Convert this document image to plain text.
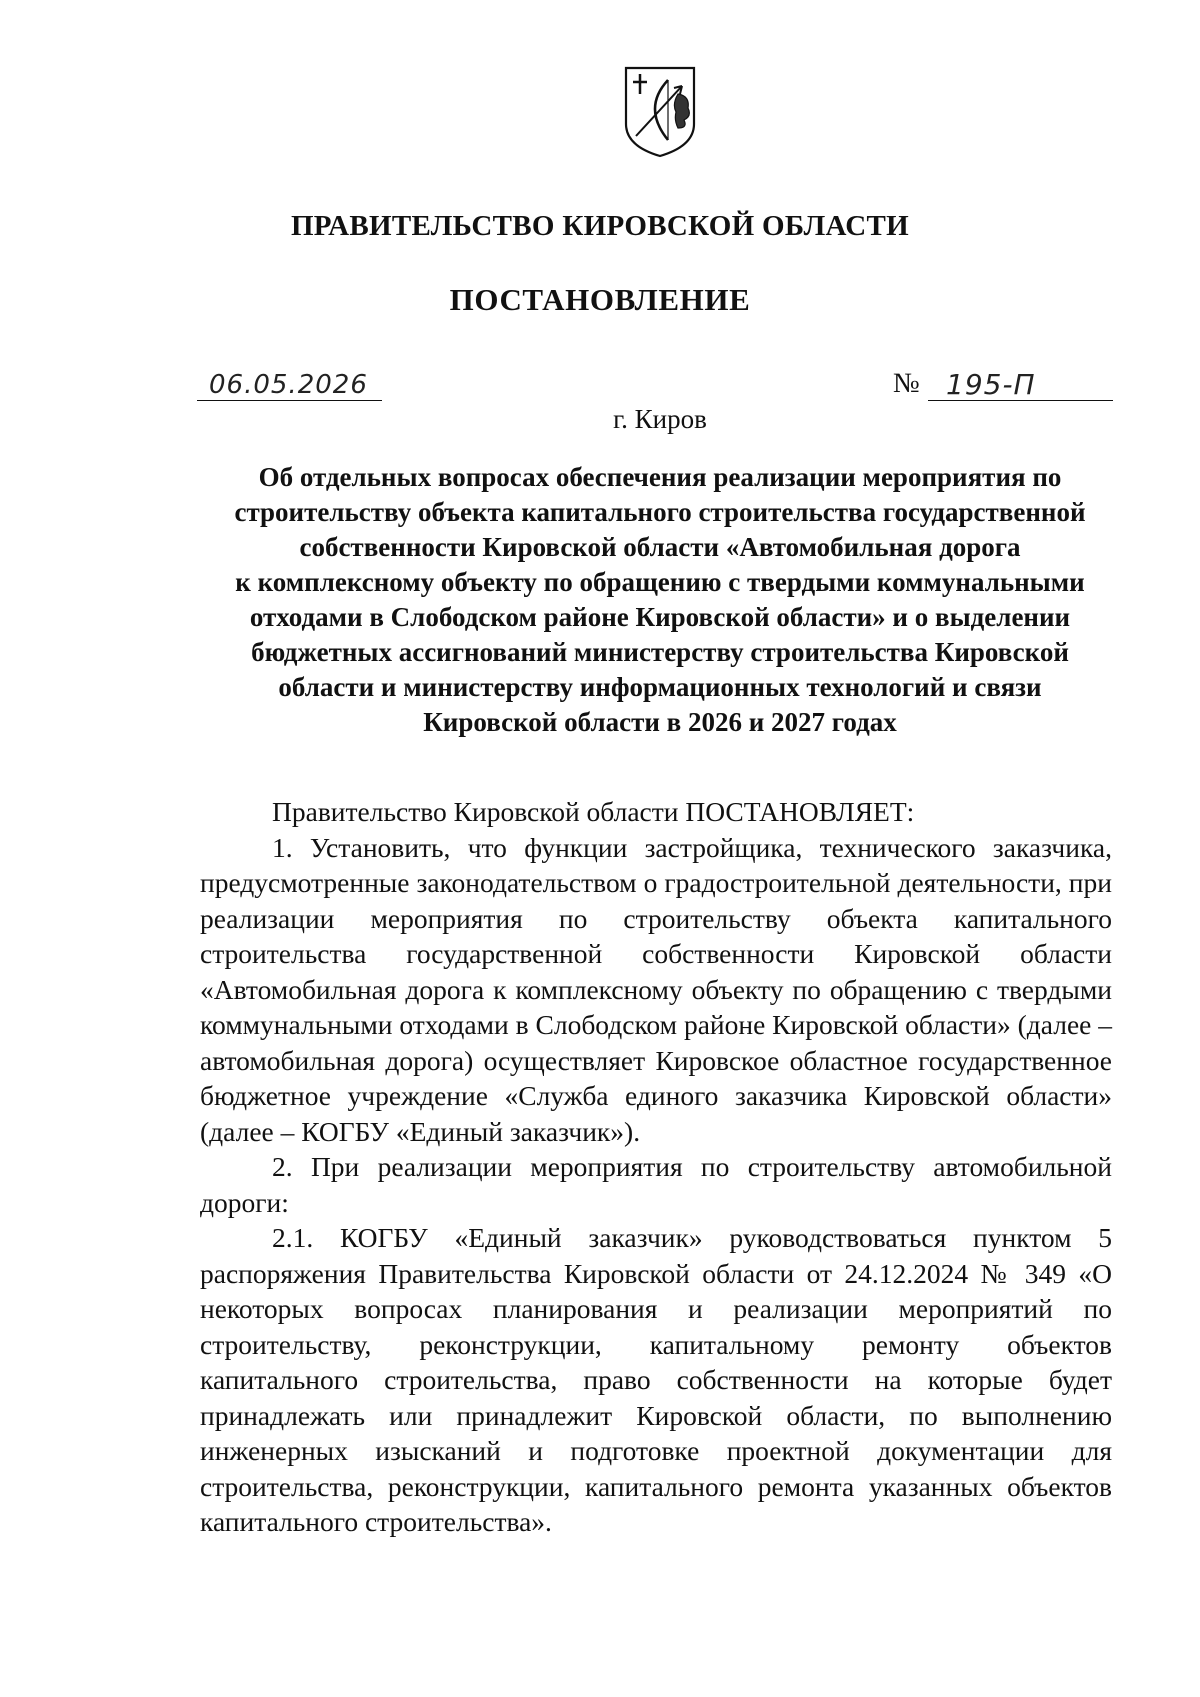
ПРАВИТЕЛЬСТВО КИРОВСКОЙ ОБЛАСТИ
ПОСТАНОВЛЕНИЕ
06.05.2026	№ 195-П
г. Киров
Об отдельных вопросах обеспечения реализации мероприятия по
строительству объекта капитального строительства государственной
собственности Кировской области «Автомобильная дорога
к комплексному объекту по обращению с твердыми коммунальными
отходами в Слободском районе Кировской области» и о выделении
бюджетных ассигнований министерству строительства Кировской
области и министерству информационных технологий и связи
Кировской области в 2026 и 2027 годах

Правительство Кировской области ПОСТАНОВЛЯЕТ:

1. Установить, что функции застройщика, технического заказчика, предусмотренные законодательством о градостроительной деятельности, при реализации мероприятия по строительству объекта капитального строительства государственной собственности Кировской области «Автомобильная дорога к комплексному объекту по обращению с твердыми коммунальными отходами в Слободском районе Кировской области» (далее – автомобильная дорога) осуществляет Кировское областное государственное бюджетное учреждение «Служба единого заказчика Кировской области» (далее – КОГБУ «Единый заказчик»).

2. При реализации мероприятия по строительству автомобильной дороги:

2.1. КОГБУ «Единый заказчик» руководствоваться пунктом 5 распоряжения Правительства Кировской области от 24.12.2024 № 349 «О некоторых вопросах планирования и реализации мероприятий по строительству, реконструкции, капитальному ремонту объектов капитального строительства, право собственности на которые будет принадлежать или принадлежит Кировской области, по выполнению инженерных изысканий и подготовке проектной документации для строительства, реконструкции, капитального ремонта указанных объектов капитального строительства».
